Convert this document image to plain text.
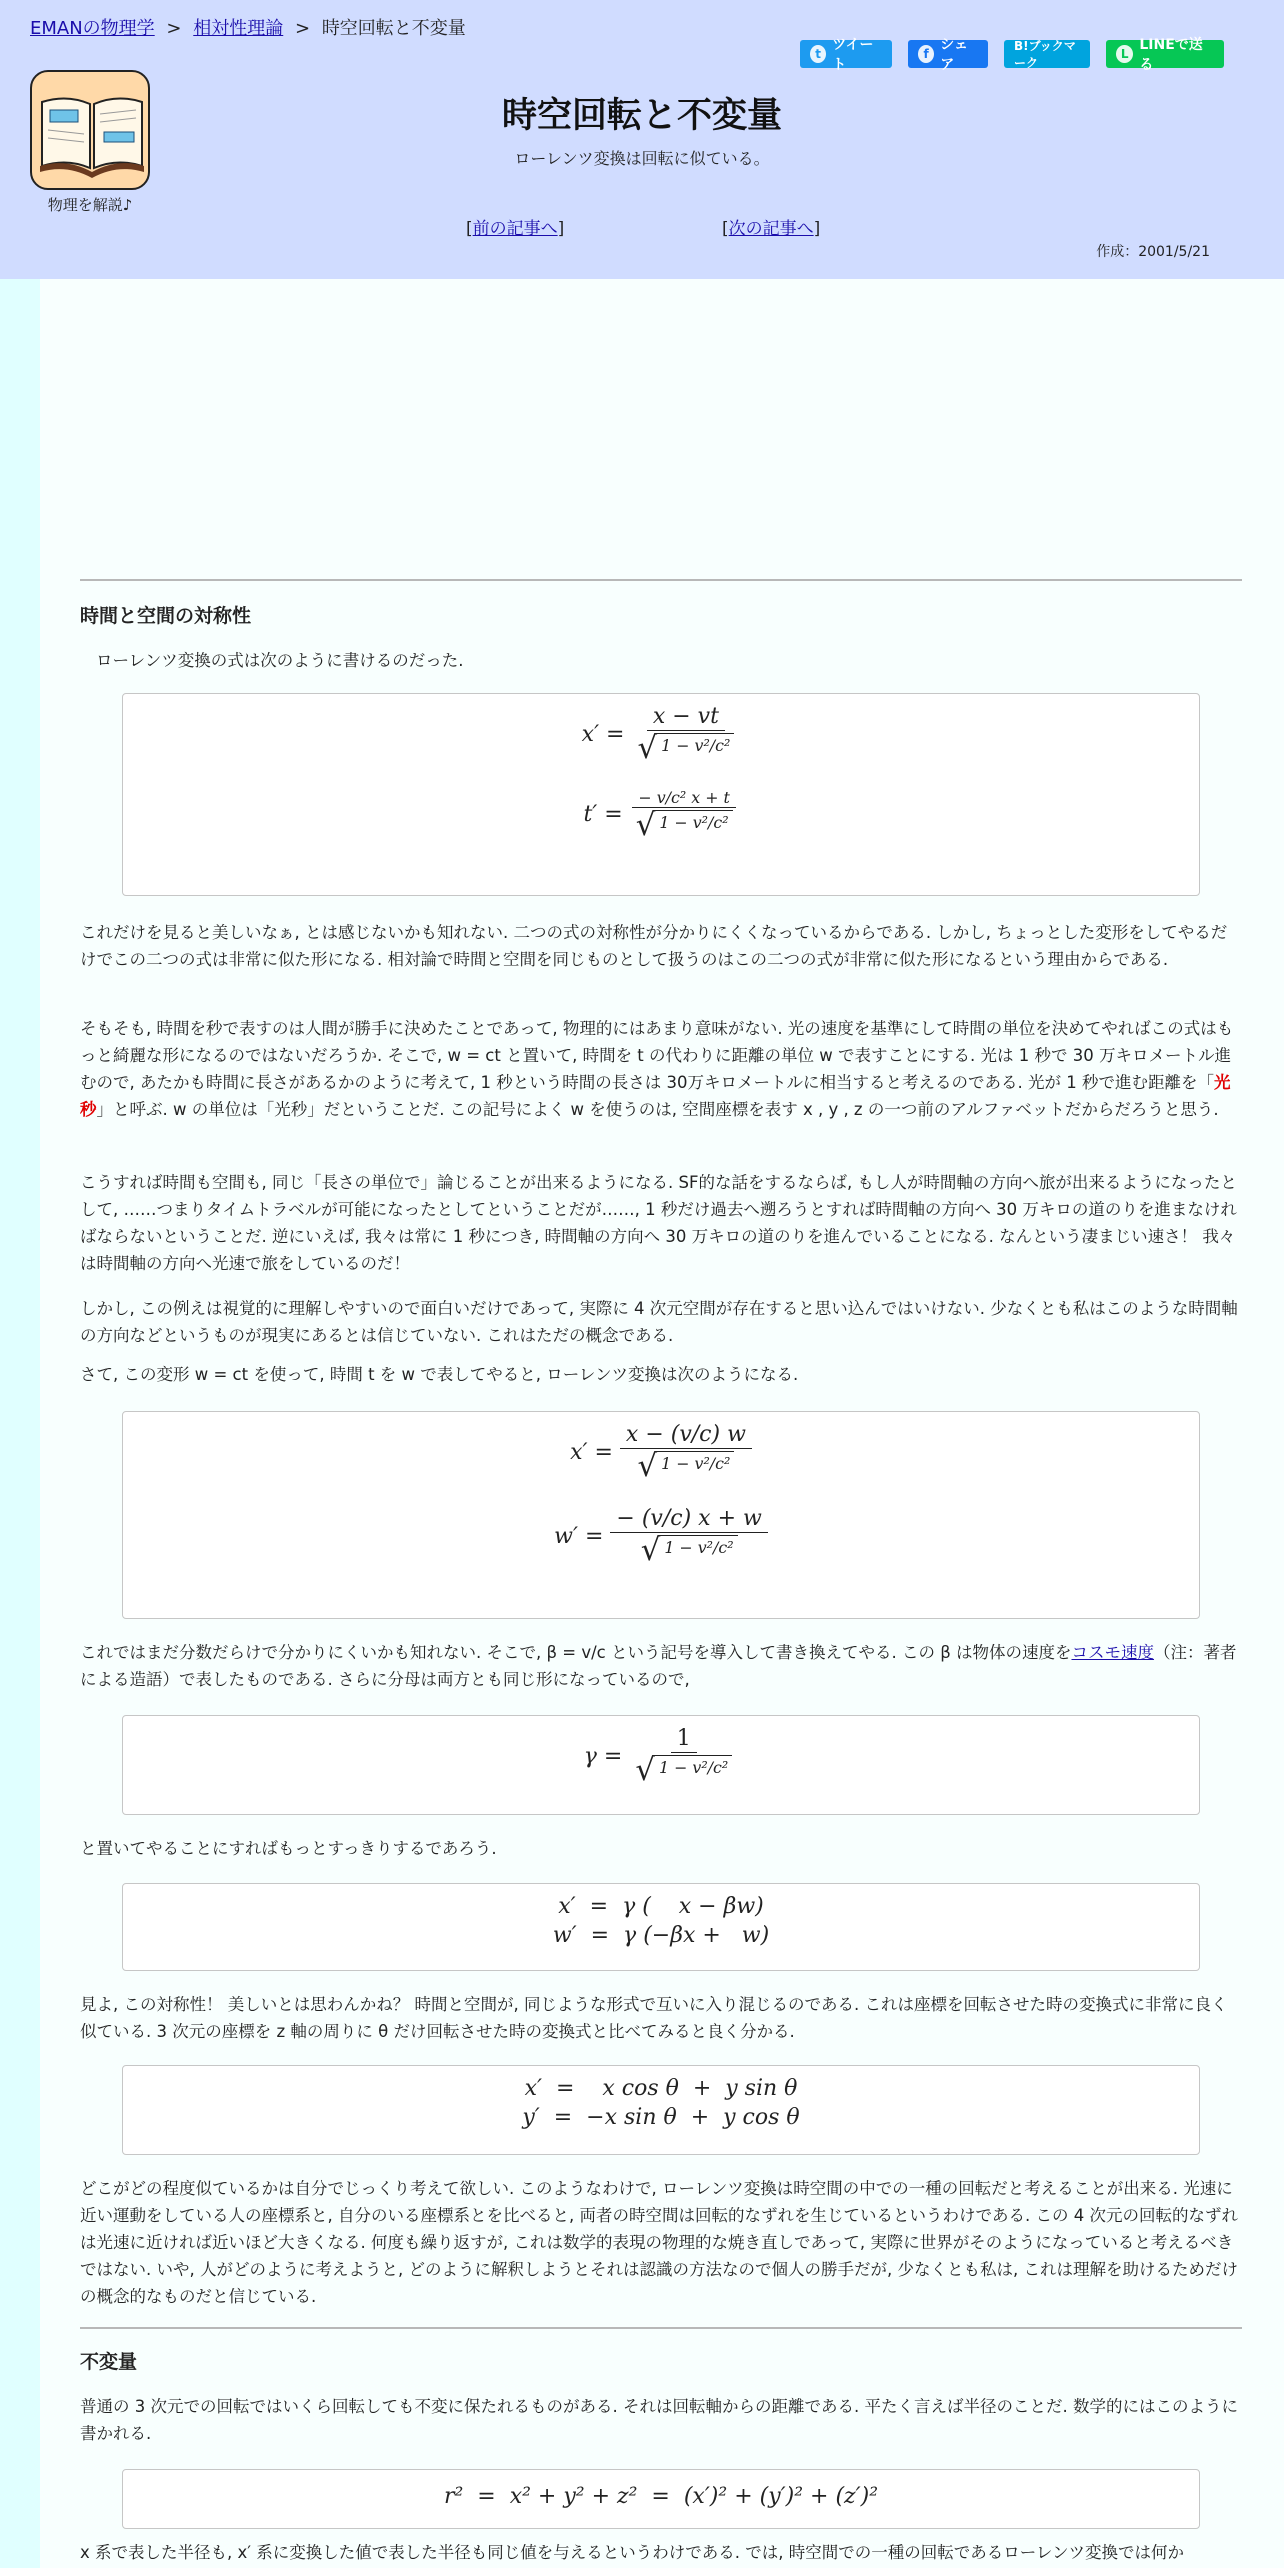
EMANの物理学 > 相対性理論 > 時空回転と不変量
t
ツイート
f
シェア
B!ブックマーク
L
LINEで送る
物理を解説♪
時空回転と不変量
ローレンツ変換は回転に似ている。
[前の記事へ]	[次の記事へ]
作成：2001/5/21
時間と空間の対称性
ローレンツ変換の式は次のように書けるのだった.
$x' = \frac{x - vt}{\text{√ 1 − v²/c²}}$
$t' = \frac{\text{− v/c² x + t}}{\text{√ 1 − v²/c²}}$
これだけを見ると美しいなぁ, とは感じないかも知れない. 二つの式の対称性が分かりにくくなっているからである. しかし, ちょっとした変形をしてやるだけでこの二つの式は非常に似た形になる. 相対論で時間と空間を同じものとして扱うのはこの二つの式が非常に似た形になるという理由からである.
そもそも, 時間を秒で表すのは人間が勝手に決めたことであって, 物理的にはあまり意味がない. 光の速度を基準にして時間の単位を決めてやればこの式はもっと綺麗な形になるのではないだろうか. そこで, w = ct と置いて, 時間を t の代わりに距離の単位 w で表すことにする. 光は 1 秒で 30 万キロメートル進むので, あたかも時間に長さがあるかのように考えて, 1 秒という時間の長さは 30万キロメートルに相当すると考えるのである. 光が 1 秒で進む距離を「光秒」と呼ぶ. w の単位は「光秒」だということだ. この記号によく w を使うのは, 空間座標を表す x , y , z の一つ前のアルファベットだからだろうと思う.
こうすれば時間も空間も, 同じ「長さの単位で」論じることが出来るようになる. SF的な話をするならば, もし人が時間軸の方向へ旅が出来るようになったとして, ……つまりタイムトラベルが可能になったとしてということだが……, 1 秒だけ過去へ遡ろうとすれば時間軸の方向へ 30 万キロの道のりを進まなければならないということだ. 逆にいえば, 我々は常に 1 秒につき, 時間軸の方向へ 30 万キロの道のりを進んでいることになる. なんという凄まじい速さ！ 我々は時間軸の方向へ光速で旅をしているのだ！
しかし, この例えは視覚的に理解しやすいので面白いだけであって, 実際に 4 次元空間が存在すると思い込んではいけない. 少なくとも私はこのような時間軸の方向などというものが現実にあるとは信じていない. これはただの概念である.
さて, この変形 w = ct を使って, 時間 t を w で表してやると, ローレンツ変換は次のようになる.
$x' = \frac{x - (v/c) w}{\text{√ 1 − v²/c²}}$
$w' = \frac{- (v/c) x + w}{\text{√ 1 − v²/c²}}$
これではまだ分数だらけで分かりにくいかも知れない. そこで, β = v/c という記号を導入して書き換えてやる. この β は物体の速度をコスモ速度（注：著者による造語）で表したものである. さらに分母は両方とも同じ形になっているので,
$\gamma = \frac{1}{\text{√ 1 − v²/c²}}$
と置いてやることにすればもっとすっきりするであろう.
x′  =  γ (    x − βw)
w′  =  γ (−βx +   w)
見よ, この対称性！ 美しいとは思わんかね？ 時間と空間が, 同じような形式で互いに入り混じるのである. これは座標を回転させた時の変換式に非常に良く似ている. 3 次元の座標を z 軸の周りに θ だけ回転させた時の変換式と比べてみると良く分かる.
x′  =    x cos θ  +  y sin θ
y′  =  −x sin θ  +  y cos θ
どこがどの程度似ているかは自分でじっくり考えて欲しい. このようなわけで, ローレンツ変換は時空間の中での一種の回転だと考えることが出来る. 光速に近い運動をしている人の座標系と, 自分のいる座標系とを比べると, 両者の時空間は回転的なずれを生じているというわけである. この 4 次元の回転的なずれは光速に近ければ近いほど大きくなる. 何度も繰り返すが, これは数学的表現の物理的な焼き直しであって, 実際に世界がそのようになっていると考えるべきではない. いや, 人がどのように考えようと, どのように解釈しようとそれは認識の方法なので個人の勝手だが, 少なくとも私は, これは理解を助けるためだけの概念的なものだと信じている.
不変量
普通の 3 次元での回転ではいくら回転しても不変に保たれるものがある. それは回転軸からの距離である. 平たく言えば半径のことだ. 数学的にはこのように書かれる.
r²  =  x² + y² + z²  =  (x′)² + (y′)² + (z′)²
x 系で表した半径も, x′ 系に変換した値で表した半径も同じ値を与えるというわけである. では, 時空間での一種の回転であるローレンツ変換では何か
